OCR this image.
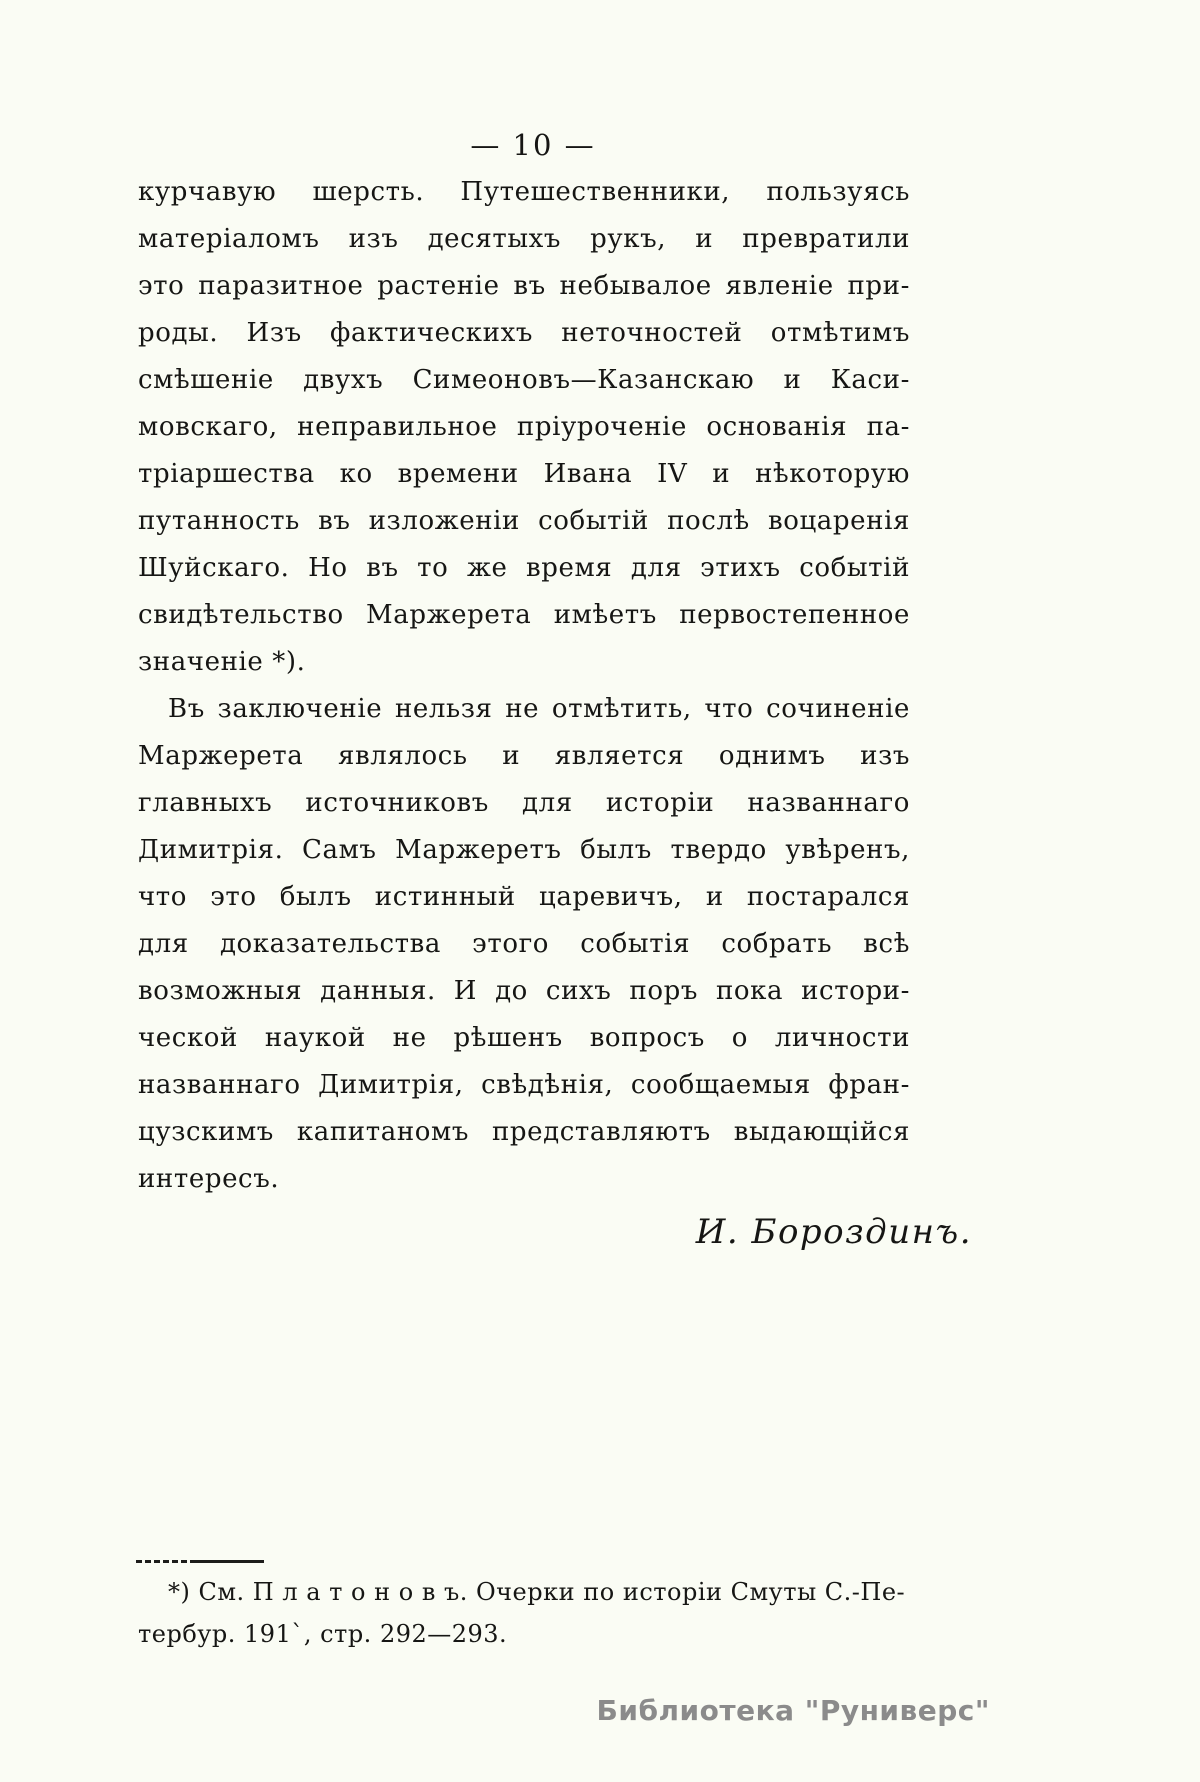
— 10 —
курчавую шерсть. Путешественники, пользуясь
матеріаломъ изъ десятыхъ рукъ, и превратили
это паразитное растеніе въ небывалое явленіе при-
роды. Изъ фактическихъ неточностей отмѣтимъ
смѣшеніе двухъ Симеоновъ—Казанскаю и Каси-
мовскаго, неправильное пріуроченіе основанія па-
тріаршества ко времени Ивана IV и нѣкоторую
путанность въ изложеніи событій послѣ воцаренія
Шуйскаго. Но въ то же время для этихъ событій
свидѣтельство Маржерета имѣетъ первостепенное
значеніе *).
Въ заключеніе нельзя не отмѣтить, что сочиненіе
Маржерета являлось и является однимъ изъ
главныхъ источниковъ для исторіи названнаго
Димитрія. Самъ Маржеретъ былъ твердо увѣренъ,
что это былъ истинный царевичъ, и постарался
для доказательства этого событія собрать всѣ
возможныя данныя. И до сихъ поръ пока истори-
ческой наукой не рѣшенъ вопросъ о личности
названнаго Димитрія, свѣдѣнія, сообщаемыя фран-
цузскимъ капитаномъ представляютъ выдающійся
интересъ.
И. Бороздинъ.
*) См. П л а т о н о в ъ. Очерки по исторіи Смуты С.-Пе-
тербур. 191`, стр. 292—293.
Библиотека "Руниверс"
